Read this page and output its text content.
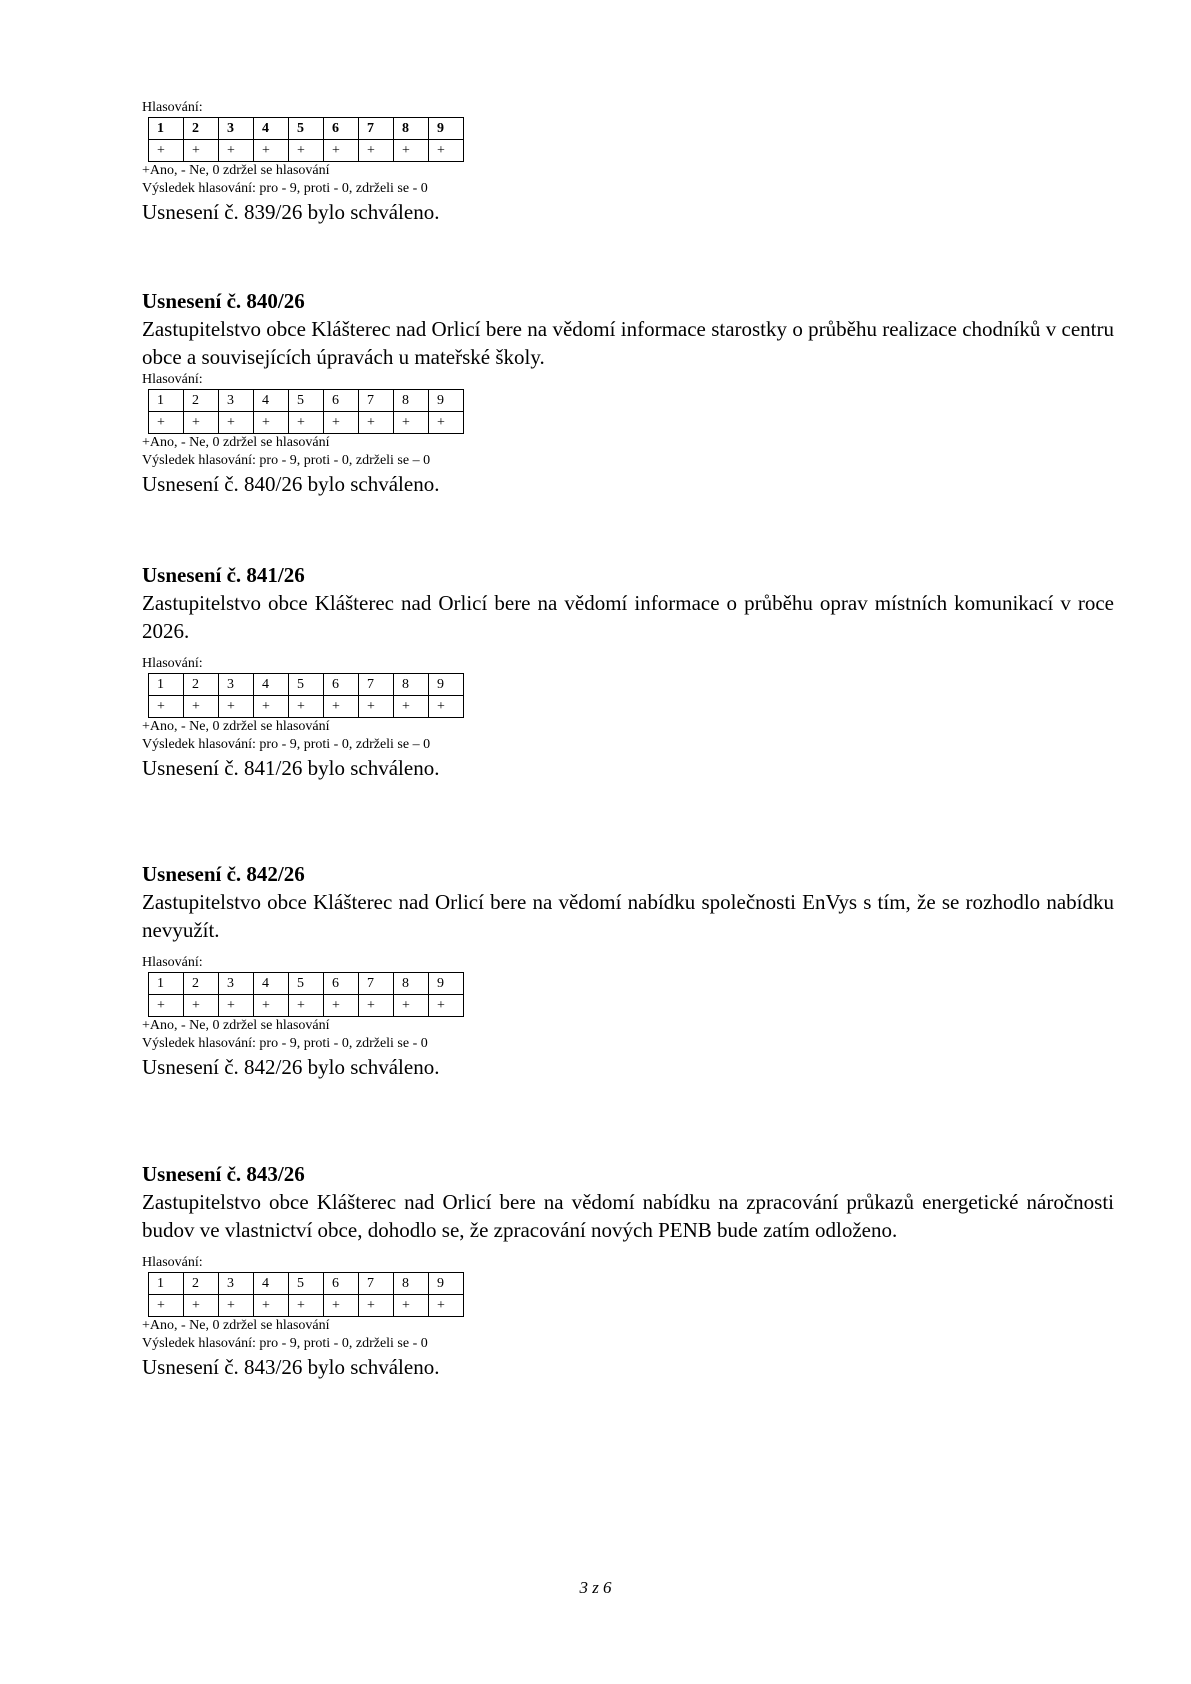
Hlasování:
1	2	3	4	5	6	7	8	9
+	+	+	+	+	+	+	+	+
+Ano, - Ne, 0 zdržel se hlasování
Výsledek hlasování: pro - 9, proti - 0, zdrželi se - 0
Usnesení č. 839/26 bylo schváleno.
Usnesení č. 840/26
Zastupitelstvo obce Klášterec nad Orlicí bere na vědomí informace starostky o průběhu realizace chodníků v centru obce a souvisejících úpravách u mateřské školy.
Hlasování:
1	2	3	4	5	6	7	8	9
+	+	+	+	+	+	+	+	+
+Ano, - Ne, 0 zdržel se hlasování
Výsledek hlasování: pro - 9, proti - 0, zdrželi se – 0
Usnesení č. 840/26 bylo schváleno.
Usnesení č. 841/26
Zastupitelstvo obce Klášterec nad Orlicí bere na vědomí informace o průběhu oprav místních komunikací v roce 2026.
Hlasování:
1	2	3	4	5	6	7	8	9
+	+	+	+	+	+	+	+	+
+Ano, - Ne, 0 zdržel se hlasování
Výsledek hlasování: pro - 9, proti - 0, zdrželi se – 0
Usnesení č. 841/26 bylo schváleno.
Usnesení č. 842/26
Zastupitelstvo obce Klášterec nad Orlicí bere na vědomí nabídku společnosti EnVys s tím, že se rozhodlo nabídku nevyužít.
Hlasování:
1	2	3	4	5	6	7	8	9
+	+	+	+	+	+	+	+	+
+Ano, - Ne, 0 zdržel se hlasování
Výsledek hlasování: pro - 9, proti - 0, zdrželi se - 0
Usnesení č. 842/26 bylo schváleno.
Usnesení č. 843/26
Zastupitelstvo obce Klášterec nad Orlicí bere na vědomí nabídku na zpracování průkazů energetické náročnosti budov ve vlastnictví obce, dohodlo se, že zpracování nových PENB bude zatím odloženo.
Hlasování:
1	2	3	4	5	6	7	8	9
+	+	+	+	+	+	+	+	+
+Ano, - Ne, 0 zdržel se hlasování
Výsledek hlasování: pro - 9, proti - 0, zdrželi se - 0
Usnesení č. 843/26 bylo schváleno.
3 z 6
